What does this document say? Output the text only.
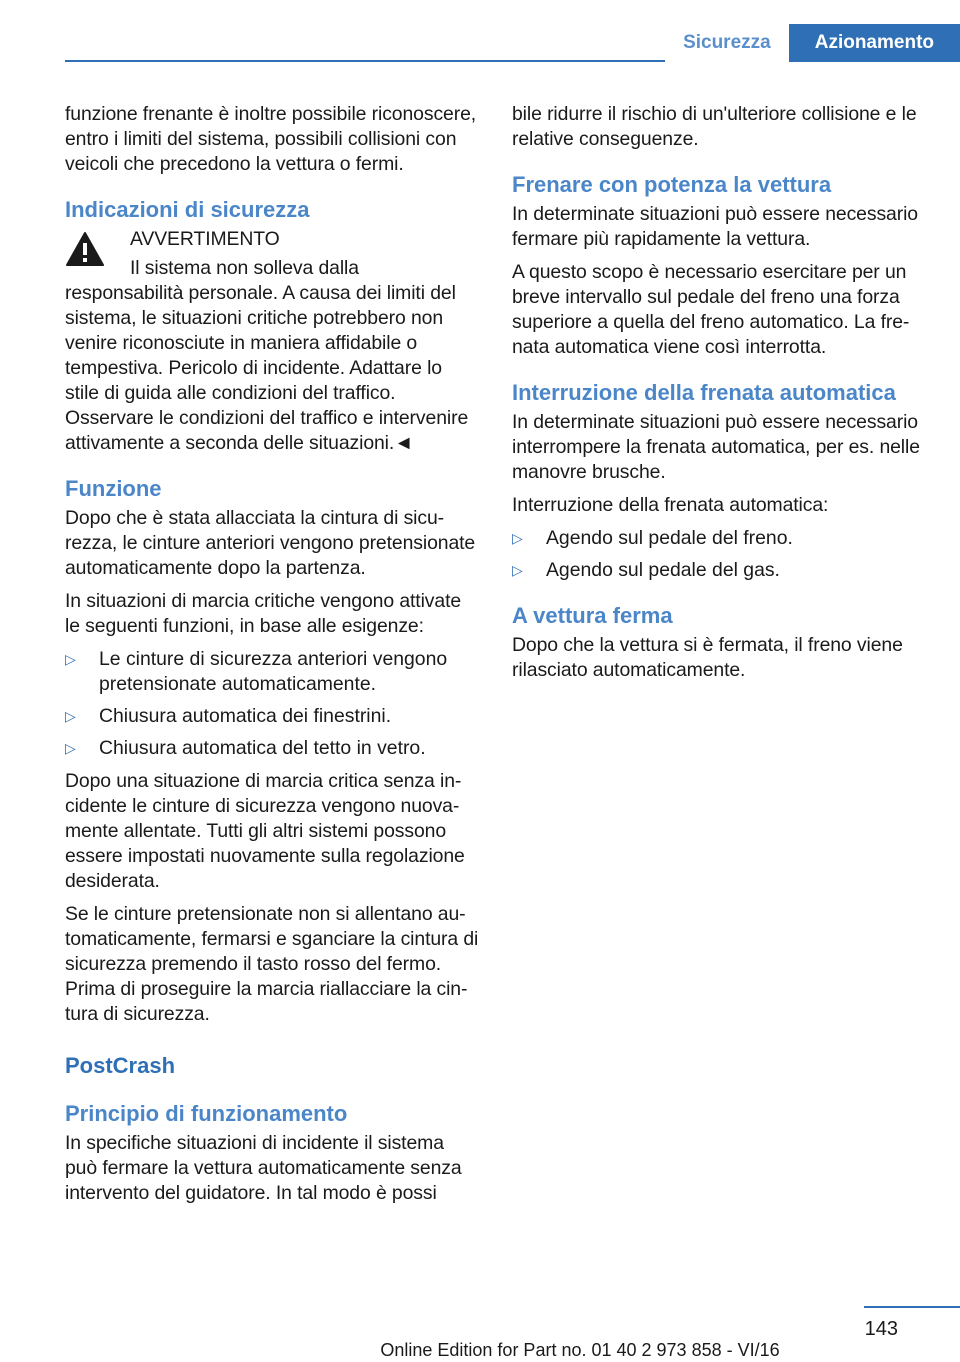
Sicurezza	Azionamento

funzione frenante è inoltre possibile riconoscere, entro i limiti del sistema, possibili collisioni con veicoli che precedono la vettura o fermi.

Indicazioni di sicurezza

AVVERTIMENTO

Il sistema non solleva dalla responsabilità personale. A causa dei limiti del sistema, le situazioni critiche potrebbero non venire riconosciute in maniera affidabile o tempestiva. Pericolo di incidente. Adattare lo stile di guida alle condizioni del traffico. Osservare le condizioni del traffico e intervenire attivamente a seconda delle situazioni.◄

Funzione

Dopo che è stata allacciata la cintura di sicurezza, le cinture anteriori vengono pretensionate automaticamente dopo la partenza.

In situazioni di marcia critiche vengono attivate le seguenti funzioni, in base alle esigenze:

▷ Le cinture di sicurezza anteriori vengono pretensionate automaticamente.
▷ Chiusura automatica dei finestrini.
▷ Chiusura automatica del tetto in vetro.

Dopo una situazione di marcia critica senza incidente le cinture di sicurezza vengono nuovamente allentate. Tutti gli altri sistemi possono essere impostati nuovamente sulla regolazione desiderata.

Se le cinture pretensionate non si allentano automaticamente, fermarsi e sganciare la cintura di sicurezza premendo il tasto rosso del fermo. Prima di proseguire la marcia riallacciare la cintura di sicurezza.

PostCrash
Principio di funzionamento

In specifiche situazioni di incidente il sistema può fermare la vettura automaticamente senza intervento del guidatore. In tal modo è possi

bile ridurre il rischio di un'ulteriore collisione e le relative conseguenze.

Frenare con potenza la vettura

In determinate situazioni può essere necessario fermare più rapidamente la vettura.

A questo scopo è necessario esercitare per un breve intervallo sul pedale del freno una forza superiore a quella del freno automatico. La frenata automatica viene così interrotta.

Interruzione della frenata automatica

In determinate situazioni può essere necessario interrompere la frenata automatica, per es. nelle manovre brusche.

Interruzione della frenata automatica:

▷ Agendo sul pedale del freno.
▷ Agendo sul pedale del gas.
A vettura ferma

Dopo che la vettura si è fermata, il freno viene rilasciato automaticamente.

143
Online Edition for Part no. 01 40 2 973 858 - VI/16
